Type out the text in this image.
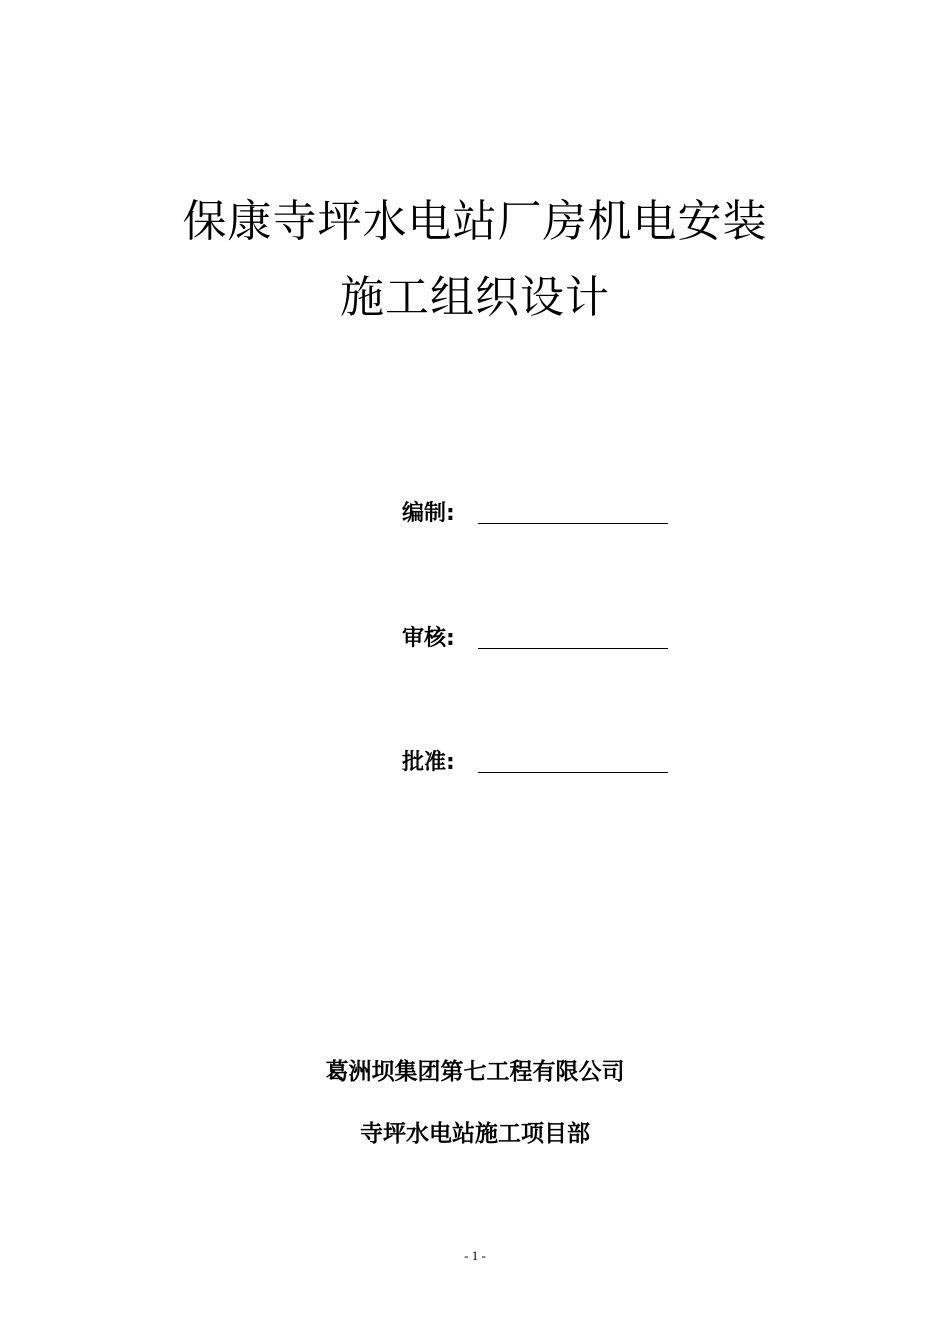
保康寺坪水电站厂房机电安装
施工组织设计
编制:
审核:
批准:
葛洲坝集团第七工程有限公司
寺坪水电站施工项目部
- 1 -
